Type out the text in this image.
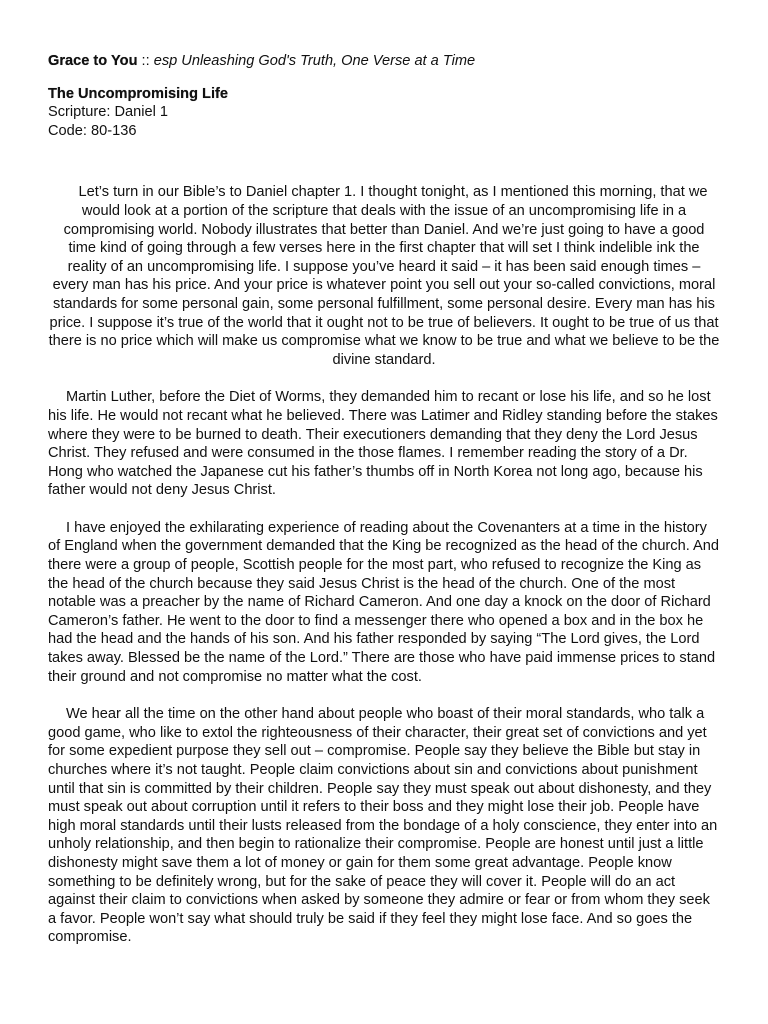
Grace to You :: esp Unleashing God's Truth, One Verse at a Time

The Uncompromising Life
Scripture: Daniel 1
Code: 80-136

Let’s turn in our Bible’s to Daniel chapter 1. I thought tonight, as I mentioned this morning, that we would look at a portion of the scripture that deals with the issue of an uncompromising life in a compromising world. Nobody illustrates that better than Daniel. And we’re just going to have a good time kind of going through a few verses here in the first chapter that will set I think indelible ink the reality of an uncompromising life. I suppose you’ve heard it said – it has been said enough times – every man has his price. And your price is whatever point you sell out your so-called convictions, moral standards for some personal gain, some personal fulfillment, some personal desire. Every man has his price. I suppose it’s true of the world that it ought not to be true of believers. It ought to be true of us that there is no price which will make us compromise what we know to be true and what we believe to be the divine standard.

Martin Luther, before the Diet of Worms, they demanded him to recant or lose his life, and so he lost his life. He would not recant what he believed. There was Latimer and Ridley standing before the stakes where they were to be burned to death. Their executioners demanding that they deny the Lord Jesus Christ. They refused and were consumed in the those flames. I remember reading the story of a Dr. Hong who watched the Japanese cut his father’s thumbs off in North Korea not long ago, because his father would not deny Jesus Christ.

I have enjoyed the exhilarating experience of reading about the Covenanters at a time in the history of England when the government demanded that the King be recognized as the head of the church. And there were a group of people, Scottish people for the most part, who refused to recognize the King as the head of the church because they said Jesus Christ is the head of the church. One of the most notable was a preacher by the name of Richard Cameron. And one day a knock on the door of Richard Cameron’s father. He went to the door to find a messenger there who opened a box and in the box he had the head and the hands of his son. And his father responded by saying “The Lord gives, the Lord takes away. Blessed be the name of the Lord.” There are those who have paid immense prices to stand their ground and not compromise no matter what the cost.

We hear all the time on the other hand about people who boast of their moral standards, who talk a good game, who like to extol the righteousness of their character, their great set of convictions and yet for some expedient purpose they sell out – compromise. People say they believe the Bible but stay in churches where it’s not taught. People claim convictions about sin and convictions about punishment until that sin is committed by their children. People say they must speak out about dishonesty, and they must speak out about corruption until it refers to their boss and they might lose their job. People have high moral standards until their lusts released from the bondage of a holy conscience, they enter into an unholy relationship, and then begin to rationalize their compromise. People are honest until just a little dishonesty might save them a lot of money or gain for them some great advantage. People know something to be definitely wrong, but for the sake of peace they will cover it. People will do an act against their claim to convictions when asked by someone they admire or fear or from whom they seek a favor. People won’t say what should truly be said if they feel they might lose face. And so goes the compromise.
